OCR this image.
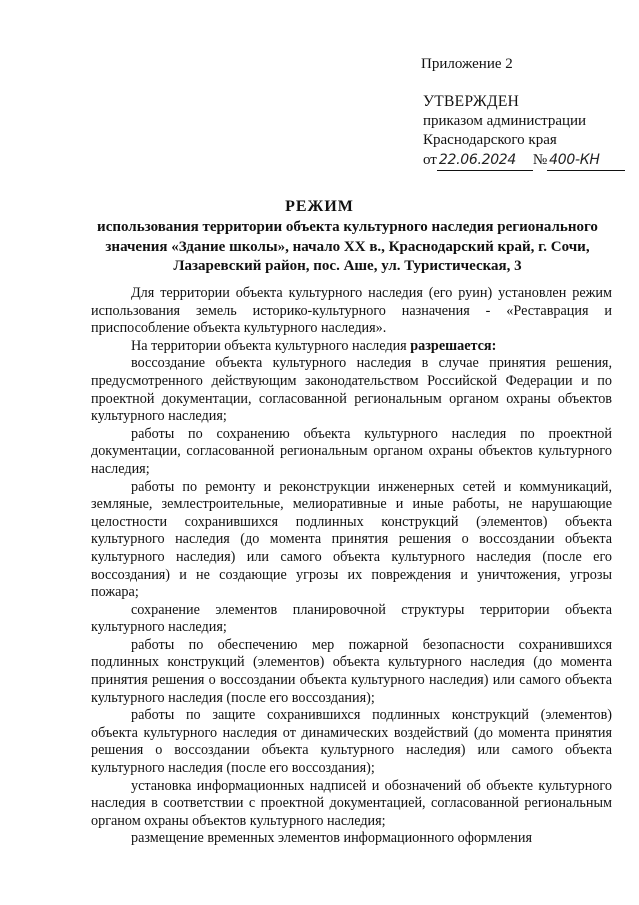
Приложение 2
УТВЕРЖДЕН
приказом администрации
Краснодарского края
от 22.06.2024 № 400-КН
РЕЖИМ
использования территории объекта культурного наследия регионального значения «Здание школы», начало XX в., Краснодарский край, г. Сочи, Лазаревский район, пос. Аше, ул. Туристическая, 3

Для территории объекта культурного наследия (его руин) установлен режим использования земель историко-культурного назначения - «Реставрация и приспособление объекта культурного наследия».

На территории объекта культурного наследия разрешается:

воссоздание объекта культурного наследия в случае принятия решения, предусмотренного действующим законодательством Российской Федерации и по проектной документации, согласованной региональным органом охраны объектов культурного наследия;

работы по сохранению объекта культурного наследия по проектной документации, согласованной региональным органом охраны объектов культурного наследия;

работы по ремонту и реконструкции инженерных сетей и коммуникаций, земляные, землестроительные, мелиоративные и иные работы, не нарушающие целостности сохранившихся подлинных конструкций (элементов) объекта культурного наследия (до момента принятия решения о воссоздании объекта культурного наследия) или самого объекта культурного наследия (после его воссоздания) и не создающие угрозы их повреждения и уничтожения, угрозы пожара;

сохранение элементов планировочной структуры территории объекта культурного наследия;

работы по обеспечению мер пожарной безопасности сохранившихся подлинных конструкций (элементов) объекта культурного наследия (до момента принятия решения о воссоздании объекта культурного наследия) или самого объекта культурного наследия (после его воссоздания);

работы по защите сохранившихся подлинных конструкций (элементов) объекта культурного наследия от динамических воздействий (до момента принятия решения о воссоздании объекта культурного наследия) или самого объекта культурного наследия (после его воссоздания);

установка информационных надписей и обозначений об объекте культурного наследия в соответствии с проектной документацией, согласованной региональным органом охраны объектов культурного наследия;

размещение временных элементов информационного оформления
